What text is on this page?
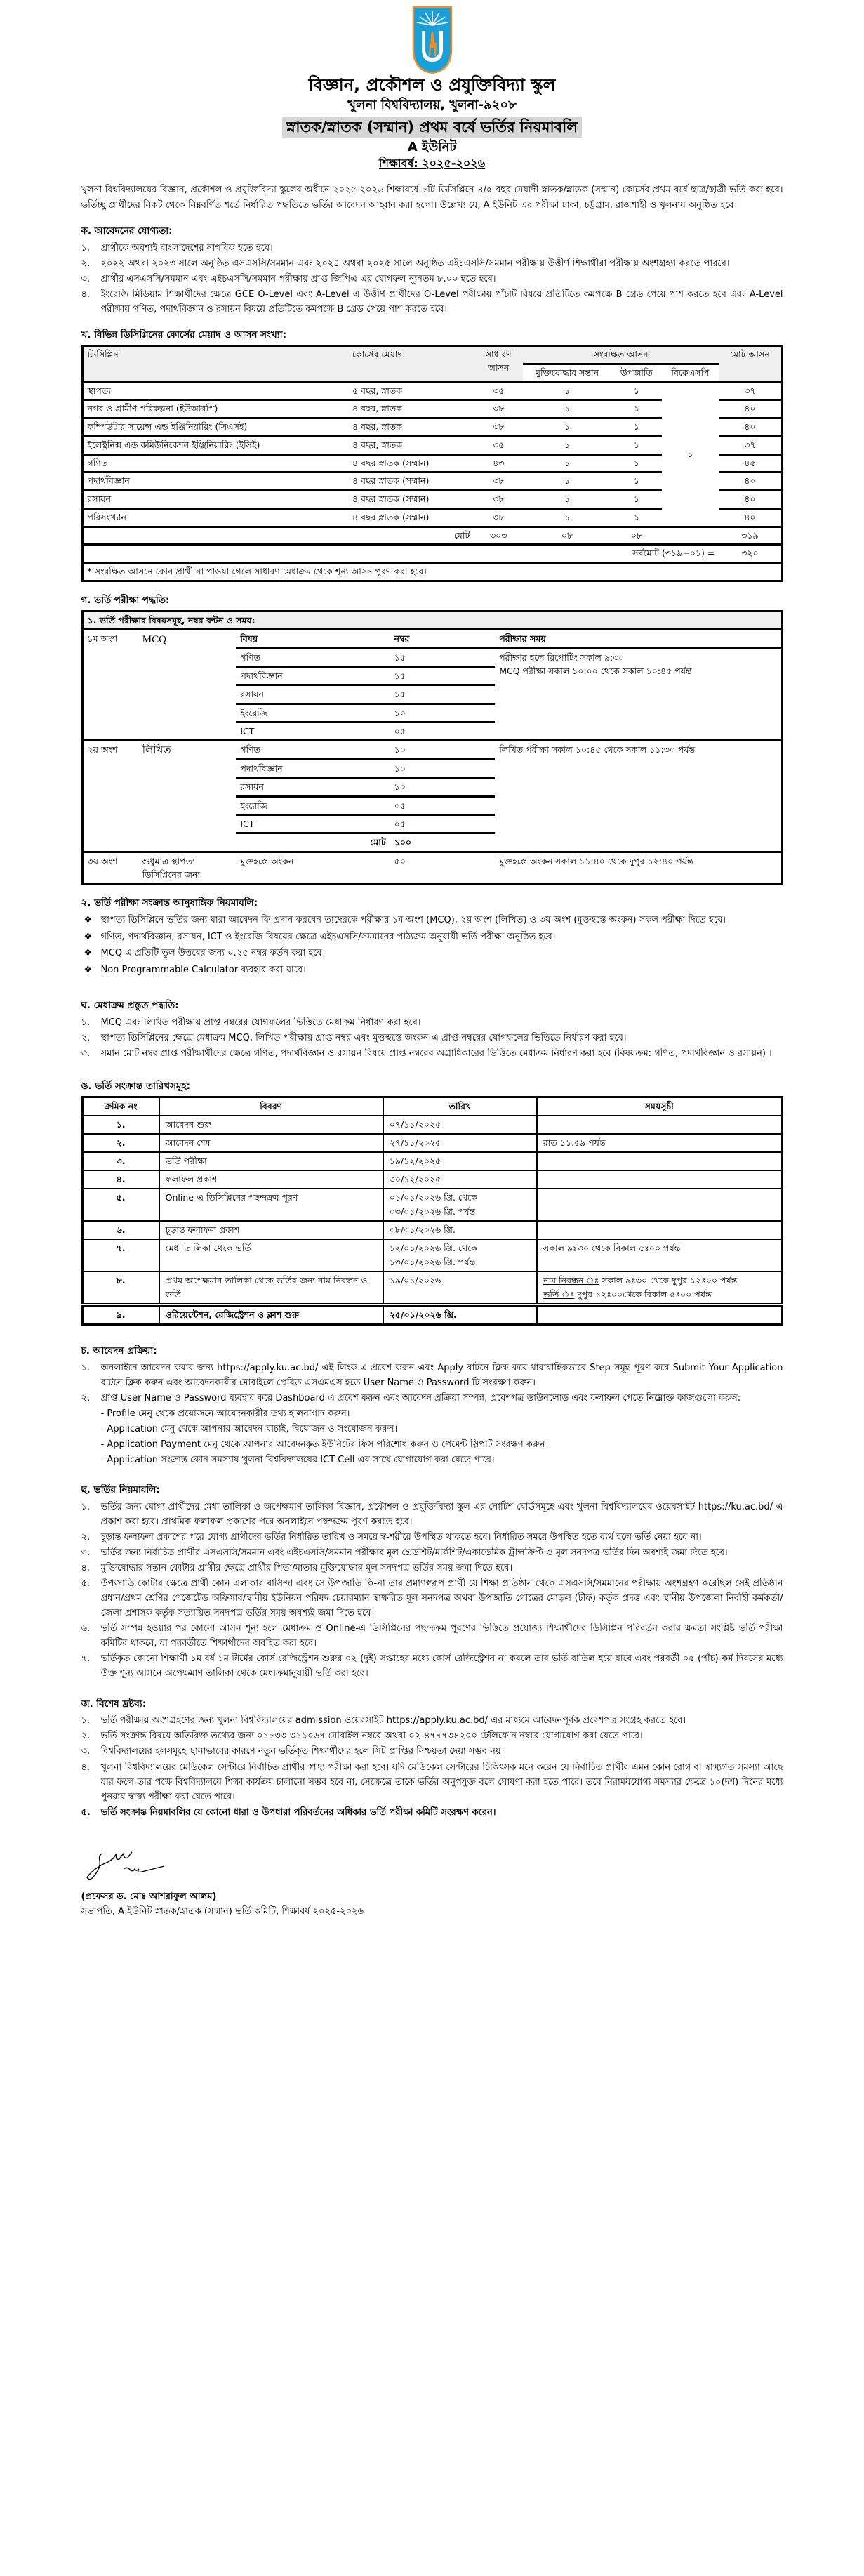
বিজ্ঞান, প্রকৌশল ও প্রযুক্তিবিদ্যা স্কুল
খুলনা বিশ্ববিদ্যালয়, খুলনা-৯২০৮
স্নাতক/স্নাতক (সম্মান) প্রথম বর্ষে ভর্তির নিয়মাবলি
A ইউনিট
শিক্ষাবর্ষ: ২০২৫-২০২৬

খুলনা বিশ্ববিদ্যালয়ের বিজ্ঞান, প্রকৌশল ও প্রযুক্তিবিদ্যা স্কুলের অধীনে ২০২৫-২০২৬ শিক্ষাবর্ষে ৮টি ডিসিপ্লিনে ৪/৫ বছর মেয়াদী স্নাতক/স্নাতক (সম্মান) কোর্সের প্রথম বর্ষে ছাত্র/ছাত্রী ভর্তি করা হবে। ভর্তিচ্ছু প্রার্থীদের নিকট থেকে নিম্নবর্ণিত শর্তে নির্ধারিত পদ্ধতিতে ভর্তির আবেদন আহ্বান করা হলো। উল্লেখ্য যে, A ইউনিট এর পরীক্ষা ঢাকা, চট্টগ্রাম, রাজশাহী ও খুলনায় অনুষ্ঠিত হবে।

ক. আবেদনের যোগ্যতা:
১. প্রার্থীকে অবশ্যই বাংলাদেশের নাগরিক হতে হবে।
২. ২০২২ অথবা ২০২৩ সালে অনুষ্ঠিত এসএসসি/সমমান এবং ২০২৪ অথবা ২০২৫ সালে অনুষ্ঠিত এইচএসসি/সমমান পরীক্ষায় উত্তীর্ণ শিক্ষার্থীরা পরীক্ষায় অংশগ্রহণ করতে পারবে।
৩. প্রার্থীর এসএসসি/সমমান এবং এইচএসসি/সমমান পরীক্ষায় প্রাপ্ত জিপিএ এর যোগফল ন্যূনতম ৮.০০ হতে হবে।
৪. ইংরেজি মিডিয়াম শিক্ষার্থীদের ক্ষেত্রে GCE O-Level এবং A-Level এ উত্তীর্ণ প্রার্থীদের O-Level পরীক্ষায় পাঁচটি বিষয়ে প্রতিটিতে কমপক্ষে B গ্রেড পেয়ে পাশ করতে হবে এবং A-Level পরীক্ষায় গণিত, পদার্থবিজ্ঞান ও রসায়ন বিষয়ে প্রতিটিতে কমপক্ষে B গ্রেড পেয়ে পাশ করতে হবে।
খ. বিভিন্ন ডিসিপ্লিনের কোর্সের মেয়াদ ও আসন সংখ্যা:
ডিসিপ্লিন	কোর্সের মেয়াদ	সাধারণ আসন	সংরক্ষিত আসন			মোট আসন
			মুক্তিযোদ্ধার সন্তান	উপজাতি	বিকেএসপি	
স্থাপত্য	৫ বছর, স্নাতক	৩৫	১	১	১	৩৭
নগর ও গ্রামীণ পরিকল্পনা (ইউআরপি)	৪ বছর, স্নাতক	৩৮	১	১		৪০
কম্পিউটার সায়েন্স এন্ড ইঞ্জিনিয়ারিং (সিএসই)	৪ বছর, স্নাতক	৩৮	১	১		৪০
ইলেক্ট্রনিক্স এন্ড কমিউনিকেশন ইঞ্জিনিয়ারিং (ইসিই)	৪ বছর, স্নাতক	৩৫	১	১		৩৭
গণিত	৪ বছর স্নাতক (সম্মান)	৪৩	১	১		৪৫
পদার্থবিজ্ঞান	৪ বছর স্নাতক (সম্মান)	৩৮	১	১		৪০
রসায়ন	৪ বছর স্নাতক (সম্মান)	৩৮	১	১		৪০
পরিসংখ্যান	৪ বছর স্নাতক (সম্মান)	৩৮	১	১		৪০
মোট		৩০৩	০৮	০৮		৩১৯
সর্বমোট (৩১৯+০১) =						৩২০
* সংরক্ষিত আসনে কোন প্রার্থী না পাওয়া গেলে সাধারণ মেধাক্রম থেকে শূন্য আসন পূরণ করা হবে।						
গ. ভর্তি পরীক্ষা পদ্ধতি:
১. ভর্তি পরীক্ষার বিষয়সমূহ, নম্বর বন্টন ও সময়:				
১ম অংশ	MCQ	বিষয়	নম্বর	পরীক্ষার সময়
		গণিত	১৫	পরীক্ষার হলে রিপোর্টিং সকাল ৯:৩০
MCQ পরীক্ষা সকাল ১০:০০ থেকে সকাল ১০:৪৫ পর্যন্ত

		পদার্থবিজ্ঞান	১৫	
		রসায়ন	১৫	
		ইংরেজি	১০	
		ICT	০৫	
২য় অংশ	লিখিত	গণিত	১০	লিখিত পরীক্ষা সকাল ১০:৪৫ থেকে সকাল ১১:৩০ পর্যন্ত

		পদার্থবিজ্ঞান	১০	
		রসায়ন	১০	
		ইংরেজি	০৫	
		ICT	০৫	
		মোট	১০০	
৩য় অংশ	শুধুমাত্র স্থাপত্য ডিসিপ্লিনের জন্য	মুক্তহস্তে অংকন	৫০	মুক্তহস্তে অংকন সকাল ১১:৪০ থেকে দুপুর ১২:৪০ পর্যন্ত
২. ভর্তি পরীক্ষা সংক্রান্ত আনুষাঙ্গিক নিয়মাবলি:
❖ স্থাপত্য ডিসিপ্লিনে ভর্তির জন্য যারা আবেদন ফি প্রদান করবেন তাদেরকে পরীক্ষার ১ম অংশ (MCQ), ২য় অংশ (লিখিত) ও ৩য় অংশ (মুক্তহস্তে অংকন) সকল পরীক্ষা দিতে হবে।
❖ গণিত, পদার্থবিজ্ঞান, রসায়ন, ICT ও ইংরেজি বিষয়ের ক্ষেত্রে এইচএসসি/সমমানের পাঠ্যক্রম অনুযায়ী ভর্তি পরীক্ষা অনুষ্ঠিত হবে।
❖ MCQ এ প্রতিটি ভুল উত্তরের জন্য ০.২৫ নম্বর কর্তন করা হবে।
❖ Non Programmable Calculator ব্যবহার করা যাবে।
ঘ. মেধাক্রম প্রস্তুত পদ্ধতি:
১. MCQ এবং লিখিত পরীক্ষায় প্রাপ্ত নম্বরের যোগফলের ভিত্তিতে মেধাক্রম নির্ধারণ করা হবে।
২. স্থাপত্য ডিসিপ্লিনের ক্ষেত্রে মেধাক্রম MCQ, লিখিত পরীক্ষায় প্রাপ্ত নম্বর এবং মুক্তহস্তে অংকন-এ প্রাপ্ত নম্বরের যোগফলের ভিত্তিতে নির্ধারণ করা হবে।
৩. সমান মোট নম্বর প্রাপ্ত পরীক্ষার্থীদের ক্ষেত্রে গণিত, পদার্থবিজ্ঞান ও রসায়ন বিষয়ে প্রাপ্ত নম্বরের অগ্রাধিকারের ভিত্তিতে মেধাক্রম নির্ধারণ করা হবে (বিষয়ক্রম: গণিত, পদার্থবিজ্ঞান ও রসায়ন) ।
ঙ. ভর্তি সংক্রান্ত তারিখসমূহ:
ক্রমিক নং	বিবরণ	তারিখ	সময়সূচী
১.	আবেদন শুরু	০৭/১১/২০২৫	

২.	আবেদন শেষ	২৭/১১/২০২৫	রাত ১১.৫৯ পর্যন্ত

৩.	ভর্তি পরীক্ষা	১৯/১২/২০২৫	

৪.	ফলাফল প্রকাশ	৩০/১২/২০২৫	

৫.	Online-এ ডিসিপ্লিনের পছন্দক্রম পূরণ	০১/০১/২০২৬ খ্রি. থেকে
০৩/০১/২০২৬ খ্রি. পর্যন্ত	

৬.	চূড়ান্ত ফলাফল প্রকাশ	০৮/০১/২০২৬ খ্রি.	

৭.	মেধা তালিকা থেকে ভর্তি	১২/০১/২০২৬ খ্রি. থেকে
১৩/০১/২০২৬ খ্রি. পর্যন্ত	সকাল ৯ঃ৩০ থেকে বিকাল ৫ঃ০০ পর্যন্ত

৮.	প্রথম অপেক্ষমান তালিকা থেকে ভর্তির জন্য নাম নিবন্ধন ও ভর্তি	১৯/০১/২০২৬	নাম নিবন্ধন ঃ সকাল ৯ঃ৩০ থেকে দুপুর ১২ঃ০০ পর্যন্ত
ভর্তি ঃ দুপুর ১২ঃ০০থেকে বিকাল ৫ঃ০০ পর্যন্ত

৯.	ওরিয়েন্টেশন, রেজিস্ট্রেশন ও ক্লাশ শুরু	২৫/০১/২০২৬ খ্রি.	

চ. আবেদন প্রক্রিয়া:
১. অনলাইনে আবেদন করার জন্য https://apply.ku.ac.bd/ এই লিংক-এ প্রবেশ করুন এবং Apply বাটনে ক্লিক করে ধারাবাহিকভাবে Step সমূহ পূরণ করে Submit Your Application বাটনে ক্লিক করুন এবং আবেদনকারীর মোবাইলে প্রেরিত এসএমএস হতে User Name ও Password টি সংরক্ষণ করুন।
২. প্রাপ্ত User Name ও Password ব্যবহার করে Dashboard এ প্রবেশ করুন এবং আবেদন প্রক্রিয়া সম্পন্ন, প্রবেশপত্র ডাউনলোড এবং ফলাফল পেতে নিম্নোক্ত কাজগুলো করুন:
- Profile মেনু থেকে প্রয়োজনে আবেদনকারীর তথ্য হালনাগাদ করুন।
- Application মেনু থেকে আপনার আবেদন যাচাই, বিয়োজন ও সংযোজন করুন।
- Application Payment মেনু থেকে আপনার আবেদনকৃত ইউনিটের ফিস পরিশোধ করুন ও পেমেন্ট স্লিপটি সংরক্ষণ করুন।
- Application সংক্রান্ত কোন সমস্যায় খুলনা বিশ্ববিদ্যালয়ের ICT Cell এর সাথে যোগাযোগ করা যেতে পারে।
ছ. ভর্তির নিয়মাবলি:
১. ভর্তির জন্য যোগ্য প্রার্থীদের মেধা তালিকা ও অপেক্ষমাণ তালিকা বিজ্ঞান, প্রকৌশল ও প্রযুক্তিবিদ্যা স্কুল এর নোটিশ বোর্ডসমূহে এবং খুলনা বিশ্ববিদ্যালয়ের ওয়েবসাইট https://ku.ac.bd/ এ প্রকাশ করা হবে। প্রাথমিক ফলাফল প্রকাশের পরে অনলাইনে পছন্দক্রম পূরণ করতে হবে।
২. চূড়ান্ত ফলাফল প্রকাশের পরে যোগ্য প্রার্থীদের ভর্তির নির্ধারিত তারিখ ও সময়ে স্ব-শরীরে উপস্থিত থাকতে হবে। নির্ধারিত সময়ে উপস্থিত হতে ব্যর্থ হলে ভর্তি নেয়া হবে না।
৩. ভর্তির জন্য নির্বাচিত প্রার্থীর এসএসসি/সমমান এবং এইচএসসি/সমমান পরীক্ষার মূল গ্রেডশিট/মার্কশিট/একাডেমিক ট্রান্সক্রিপ্ট ও মূল সনদপত্র ভর্তির দিন অবশ্যই জমা দিতে হবে।
৪. মুক্তিযোদ্ধার সন্তান কোটার প্রার্থীর ক্ষেত্রে প্রার্থীর পিতা/মাতার মুক্তিযোদ্ধার মূল সনদপত্র ভর্তির সময় জমা দিতে হবে।
৫. উপজাতি কোটার ক্ষেত্রে প্রার্থী কোন এলাকার বাসিন্দা এবং সে উপজাতি কি-না তার প্রমাণস্বরূপ প্রার্থী যে শিক্ষা প্রতিষ্ঠান থেকে এসএসসি/সমমানের পরীক্ষায় অংশগ্রহণ করেছিল সেই প্রতিষ্ঠান প্রধান/প্রথম শ্রেণির গেজেটেড অফিসার/স্থানীয় ইউনিয়ন পরিষদ চেয়ারম্যান স্বাক্ষরিত মূল সনদপত্র অথবা উপজাতি গোত্রের মোড়ল (চীফ) কর্তৃক প্রদত্ত এবং স্থানীয় উপজেলা নির্বাহী কর্মকর্তা/জেলা প্রশাসক কর্তৃক সত্যায়িত সনদপত্র ভর্তির সময় অবশ্যই জমা দিতে হবে।
৬. ভর্তি সম্পন্ন হওয়ার পর কোনো আসন শূন্য হলে মেধাক্রম ও Online-এ ডিসিপ্লিনের পছন্দক্রম পূরণের ভিত্তিতে প্রযোজ্য শিক্ষার্থীদের ডিসিপ্লিন পরিবর্তন করার ক্ষমতা সংশ্লিষ্ট ভর্তি পরীক্ষা কমিটির থাকবে, যা পরবর্তীতে শিক্ষার্থীদের অবহিত করা হবে।
৭. ভর্তিকৃত কোনো শিক্ষার্থী ১ম বর্ষ ১ম টার্মের কোর্স রেজিস্ট্রেশন শুরুর ০২ (দুই) সপ্তাহের মধ্যে কোর্স রেজিস্ট্রেশন না করলে তার ভর্তি বাতিল হয়ে যাবে এবং পরবর্তী ০৫ (পাঁচ) কর্ম দিবসের মধ্যে উক্ত শূন্য আসনে অপেক্ষমাণ তালিকা থেকে মেধাক্রমানুযায়ী ভর্তি করা হবে।
জ. বিশেষ দ্রষ্টব্য:
১. ভর্তি পরীক্ষায় অংশগ্রহণের জন্য খুলনা বিশ্ববিদ্যালয়ের admission ওয়েবসাইট https://apply.ku.ac.bd/ এর মাধ্যমে আবেদনপূর্বক প্রবেশপত্র সংগ্রহ করতে হবে।
২. ভর্তি সংক্রান্ত বিষয়ে অতিরিক্ত তথ্যের জন্য ০১৮৩৩-৩১১০৬৭ মোবাইল নম্বরে অথবা ০২-৪৭৭৭৩৪২০০ টেলিফোন নম্বরে যোগাযোগ করা যেতে পারে।
৩. বিশ্ববিদ্যালয়ের হলসমূহে স্থানাভাবের কারণে নতুন ভর্তিকৃত শিক্ষার্থীদের হলে সিট প্রাপ্তির নিশ্চয়তা দেয়া সম্ভব নয়।
৪. খুলনা বিশ্ববিদ্যালয়ের মেডিকেল সেন্টারে নির্বাচিত প্রার্থীর স্বাস্থ্য পরীক্ষা করা হবে। যদি মেডিকেল সেন্টারের চিকিৎসক মনে করেন যে নির্বাচিত প্রার্থীর এমন কোন রোগ বা স্বাস্থ্যগত সমস্যা আছে যার ফলে তার পক্ষে বিশ্ববিদ্যালয়ে শিক্ষা কার্যক্রম চালানো সম্ভব হবে না, সেক্ষেত্রে তাকে ভর্তির অনুপযুক্ত বলে ঘোষণা করা হতে পারে। তবে নিরাময়যোগ্য সমস্যার ক্ষেত্রে ১০(দশ) দিনের মধ্যে পুনরায় স্বাস্থ্য পরীক্ষা করা যেতে পারে।
৫. ভর্তি সংক্রান্ত নিয়মাবলির যে কোনো ধারা ও উপধারা পরিবর্তনের অধিকার ভর্তি পরীক্ষা কমিটি সংরক্ষণ করেন।
(প্রফেসর ড. মোঃ আশরাফুল আলম)
সভাপতি, A ইউনিট স্নাতক/স্নাতক (সম্মান) ভর্তি কমিটি, শিক্ষাবর্ষ ২০২৫-২০২৬
